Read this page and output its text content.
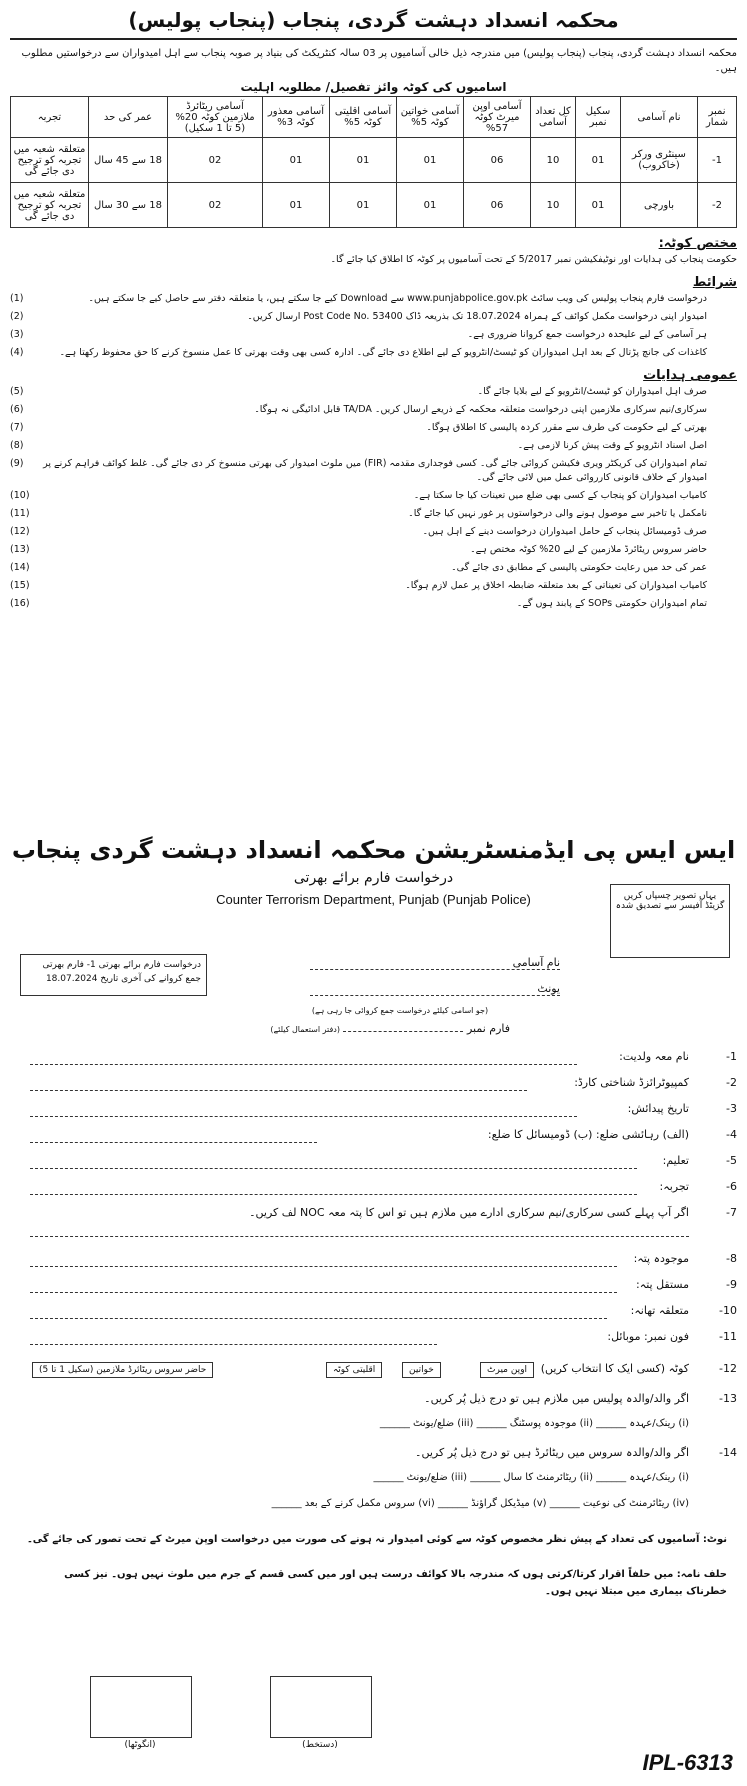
محکمہ انسداد دہشت گردی، پنجاب (پنجاب پولیس)
محکمہ انسداد دہشت گردی، پنجاب (پنجاب پولیس) میں مندرجہ ذیل خالی آسامیوں پر 03 سالہ کنٹریکٹ کی بنیاد پر صوبہ پنجاب سے اہل امیدواران سے درخواستیں مطلوب ہیں۔
اسامیوں کی کوٹہ وائز تفصیل/ مطلوبہ اہلیت
نمبر شمار	نام آسامی	سکیل نمبر	کل تعداد آسامی	آسامی اوپن میرٹ کوٹہ 57%	آسامی خواتین کوٹہ 5%	آسامی اقلیتی کوٹہ 5%	آسامی معذور کوٹہ 3%	آسامی ریٹائرڈ ملازمین کوٹہ 20% (5 تا 1 سکیل)	عمر کی حد	تجربہ
1-	سینٹری ورکر (خاکروب)	01	10	06	01	01	01	02	18 سے 45 سال	متعلقہ شعبہ میں تجربہ کو ترجیح دی جائے گی
2-	باورچی	01	10	06	01	01	01	02	18 سے 30 سال	متعلقہ شعبہ میں تجربہ کو ترجیح دی جائے گی
مختص کوٹہ:
حکومت پنجاب کی ہدایات اور نوٹیفکیشن نمبر 5/2017 کے تحت آسامیوں پر کوٹہ کا اطلاق کیا جائے گا۔
شرائط
(1)	درخواست فارم پنجاب پولیس کی ویب سائٹ www.punjabpolice.gov.pk سے Download کیے جا سکتے ہیں، یا متعلقہ دفتر سے حاصل کیے جا سکتے ہیں۔
(2)	امیدوار اپنی درخواست مکمل کوائف کے ہمراہ 18.07.2024 تک بذریعہ ڈاک Post Code No. 53400 ارسال کریں۔
(3)	ہر آسامی کے لیے علیحدہ درخواست جمع کروانا ضروری ہے۔
(4)	کاغذات کی جانچ پڑتال کے بعد اہل امیدواران کو ٹیسٹ/انٹرویو کے لیے اطلاع دی جائے گی۔ ادارہ کسی بھی وقت بھرتی کا عمل منسوخ کرنے کا حق محفوظ رکھتا ہے۔
عمومی ہدایات
(5)	صرف اہل امیدواران کو ٹیسٹ/انٹرویو کے لیے بلایا جائے گا۔
(6)	سرکاری/نیم سرکاری ملازمین اپنی درخواست متعلقہ محکمہ کے ذریعے ارسال کریں۔ TA/DA قابل ادائیگی نہ ہوگا۔
(7)	بھرتی کے لیے حکومت کی طرف سے مقرر کردہ پالیسی کا اطلاق ہوگا۔
(8)	اصل اسناد انٹرویو کے وقت پیش کرنا لازمی ہے۔
(9) تمام امیدواران کی کریکٹر ویری فکیشن کروائی جائے گی۔ کسی فوجداری مقدمہ (FIR) میں ملوث امیدوار کی بھرتی منسوخ کر دی جائے گی۔ غلط کوائف فراہم کرنے پر امیدوار کے خلاف قانونی کارروائی عمل میں لائی جائے گی۔
(10)	کامیاب امیدواران کو پنجاب کے کسی بھی ضلع میں تعینات کیا جا سکتا ہے۔
(11)	نامکمل یا تاخیر سے موصول ہونے والی درخواستوں پر غور نہیں کیا جائے گا۔
(12)	صرف ڈومیسائل پنجاب کے حامل امیدواران درخواست دینے کے اہل ہیں۔
(13)	حاضر سروس ریٹائرڈ ملازمین کے لیے 20% کوٹہ مختص ہے۔
(14)	عمر کی حد میں رعایت حکومتی پالیسی کے مطابق دی جائے گی۔
(15)	کامیاب امیدواران کی تعیناتی کے بعد متعلقہ ضابطہ اخلاق پر عمل لازم ہوگا۔
(16)	تمام امیدواران حکومتی SOPs کے پابند ہوں گے۔
ایس ایس پی ایڈمنسٹریشن محکمہ انسداد دہشت گردی پنجاب
درخواست فارم برائے بھرتی
Counter Terrorism Department, Punjab (Punjab Police)	یہاں تصویر چسپاں کریں گزیٹڈ آفیسر سے تصدیق شدہ
درخواست فارم برائے بھرتی 1- فارم بھرتی جمع کروانے کی آخری تاریخ 18.07.2024
نام آسامی
یونٹ
(جو اسامی کیلئے درخواست جمع کروائی جا رہی ہے)
فارم نمبر  (دفتر استعمال کیلئے)
1-
نام معہ ولدیت:
2-
کمپیوٹرائزڈ شناختی کارڈ:
3-
تاریخ پیدائش:
4-
(الف) رہائشی ضلع: (ب) ڈومیسائل کا ضلع:
5-
تعلیم:
6-
تجربہ:
7-
اگر آپ پہلے کسی سرکاری/نیم سرکاری ادارے میں ملازم ہیں تو اس کا پتہ معہ NOC لف کریں۔
8-
موجودہ پتہ:
9-
مستقل پتہ:
10-
متعلقہ تھانہ:
11-
فون نمبر: موبائل:
12-
کوٹہ (کسی ایک کا انتخاب کریں)
اوپن میرٹ
خواتین
اقلیتی کوٹہ
حاضر سروس ریٹائرڈ ملازمین (سکیل 1 تا 5)
13-
اگر والد/والدہ پولیس میں ملازم ہیں تو درج ذیل پُر کریں۔
(i) رینک/عہدہ ______ (ii) موجودہ پوسٹنگ ______ (iii) ضلع/یونٹ ______
14-
اگر والد/والدہ سروس میں ریٹائرڈ ہیں تو درج ذیل پُر کریں۔
(i) رینک/عہدہ ______ (ii) ریٹائرمنٹ کا سال ______ (iii) ضلع/یونٹ ______
(iv) ریٹائرمنٹ کی نوعیت ______ (v) میڈیکل گراؤنڈ ______ (vi) سروس مکمل کرنے کے بعد ______
نوٹ: آسامیوں کی تعداد کے پیش نظر مخصوص کوٹہ سے کوئی امیدوار نہ ہونے کی صورت میں درخواست اوپن میرٹ کے تحت تصور کی جائے گی۔
حلف نامہ: میں حلفاً اقرار کرتا/کرتی ہوں کہ مندرجہ بالا کوائف درست ہیں اور میں کسی قسم کے جرم میں ملوث نہیں ہوں۔ نیز کسی خطرناک بیماری میں مبتلا نہیں ہوں۔
(انگوٹھا)	(دستخط)
IPL-6313
